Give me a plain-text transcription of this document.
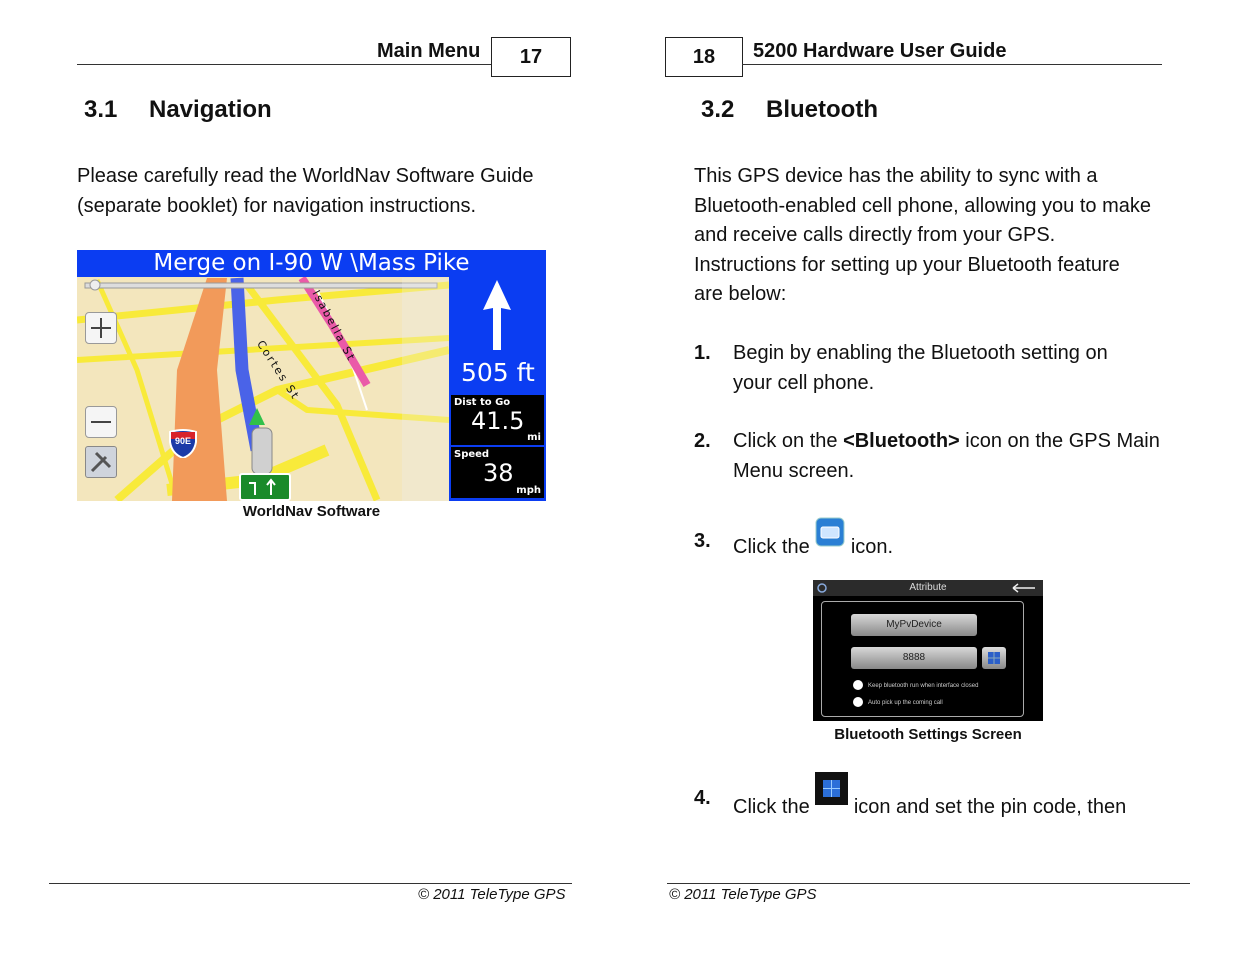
Main Menu	17
3.1 Navigation
Please carefully read the WorldNav Software Guide (separate booklet) for navigation instructions.
Merge on I-90 W \Mass Pike
90E
Cortes St
Isabella St
505 ft
Dist to Go
41.5
mi
Speed
38
mph
WorldNav Software
© 2011 TeleType GPS
18	5200 Hardware User Guide
3.2 Bluetooth
This GPS device has the ability to sync with a Bluetooth-enabled cell phone, allowing you to make and receive calls directly from your GPS. Instructions for setting up your Bluetooth feature are below:
1. Begin by enabling the Bluetooth setting on your cell phone.
2. Click on the <Bluetooth> icon on the GPS Main Menu screen.
3. Click the  icon.
Attribute
MyPvDevice
8888
Keep bluetooth run when interface closed
Auto pick up the coming call
Bluetooth Settings Screen
4. Click the  icon and set the pin code, then
© 2011 TeleType GPS
